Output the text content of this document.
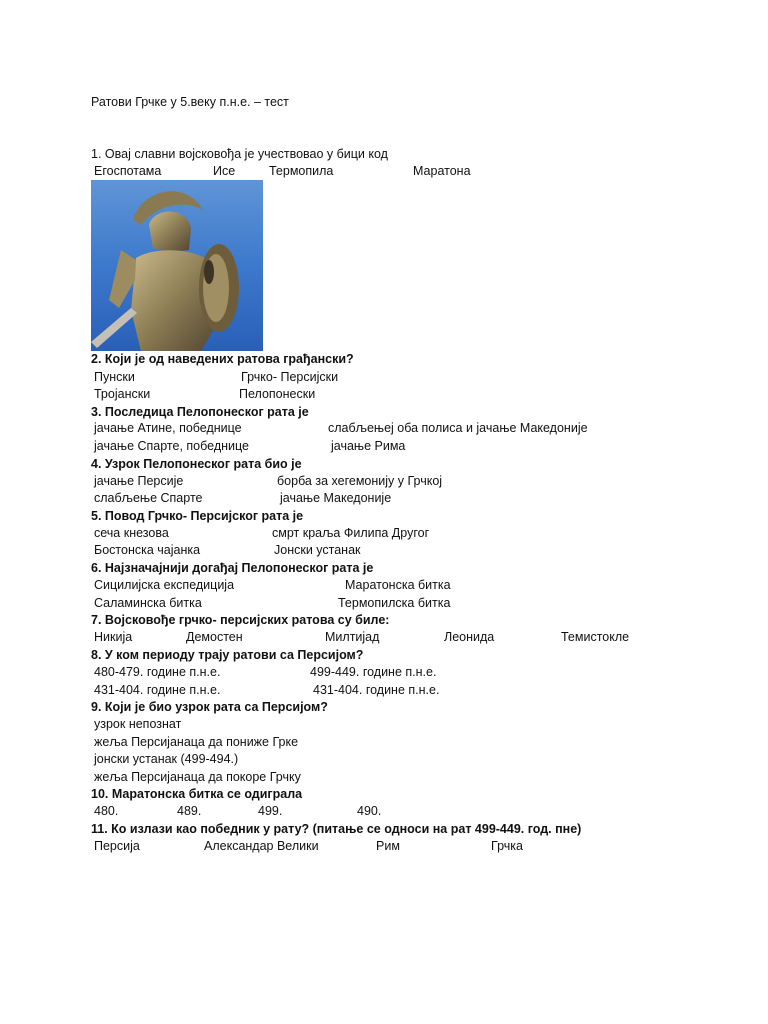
Ратови Грчке у 5.веку п.н.е. – тест
1. Овај славни војсковођа је учествовао у бици код
Егоспотама	Исе	Термопила	Маратона
2. Који је од наведених ратова грађански?
Пунски	Грчко- Персијски
Тројански	Пелопонески
3. Последица Пелопонеског рата је
јачање Атине, победнице	слабљењеј оба полиса и јачање Македоније
јачање Спарте, победнице	јачање Рима
4. Узрок Пелопонеског рата био је
јачање Персије	борба за хегемонију у Грчкој
слабљење Спарте	јачање Македоније
5. Повод Грчко- Персијског рата је
сеча кнезова	смрт краља Филипа Другог
Бостонска чајанка	Јонски устанак
6. Најзначајнији догађај Пелопонеског рата је
Сицилијска експедиција	Маратонска битка
Саламинска битка	Термопилска битка
7. Војсковође грчко- персијских ратова су биле:
Никија	Демостен	Милтијад	Леонида	Темистокле
8. У ком периоду трају ратови са Персијом?
480-479. године п.н.е.	499-449. године п.н.е.
431-404. године п.н.е.	431-404. године п.н.е.
9. Који је био узрок рата са Персијом?
узрок непознат
жеља Персијанаца да пониже Грке
јонски устанак (499-494.)
жеља Персијанаца да покоре Грчку
10. Маратонска битка се одиграла
480.	489.	499.	490.
11. Ко излази као победник у рату? (питање се односи на рат 499-449. год. пне)
Персија	Александар Велики	Рим	Грчка
